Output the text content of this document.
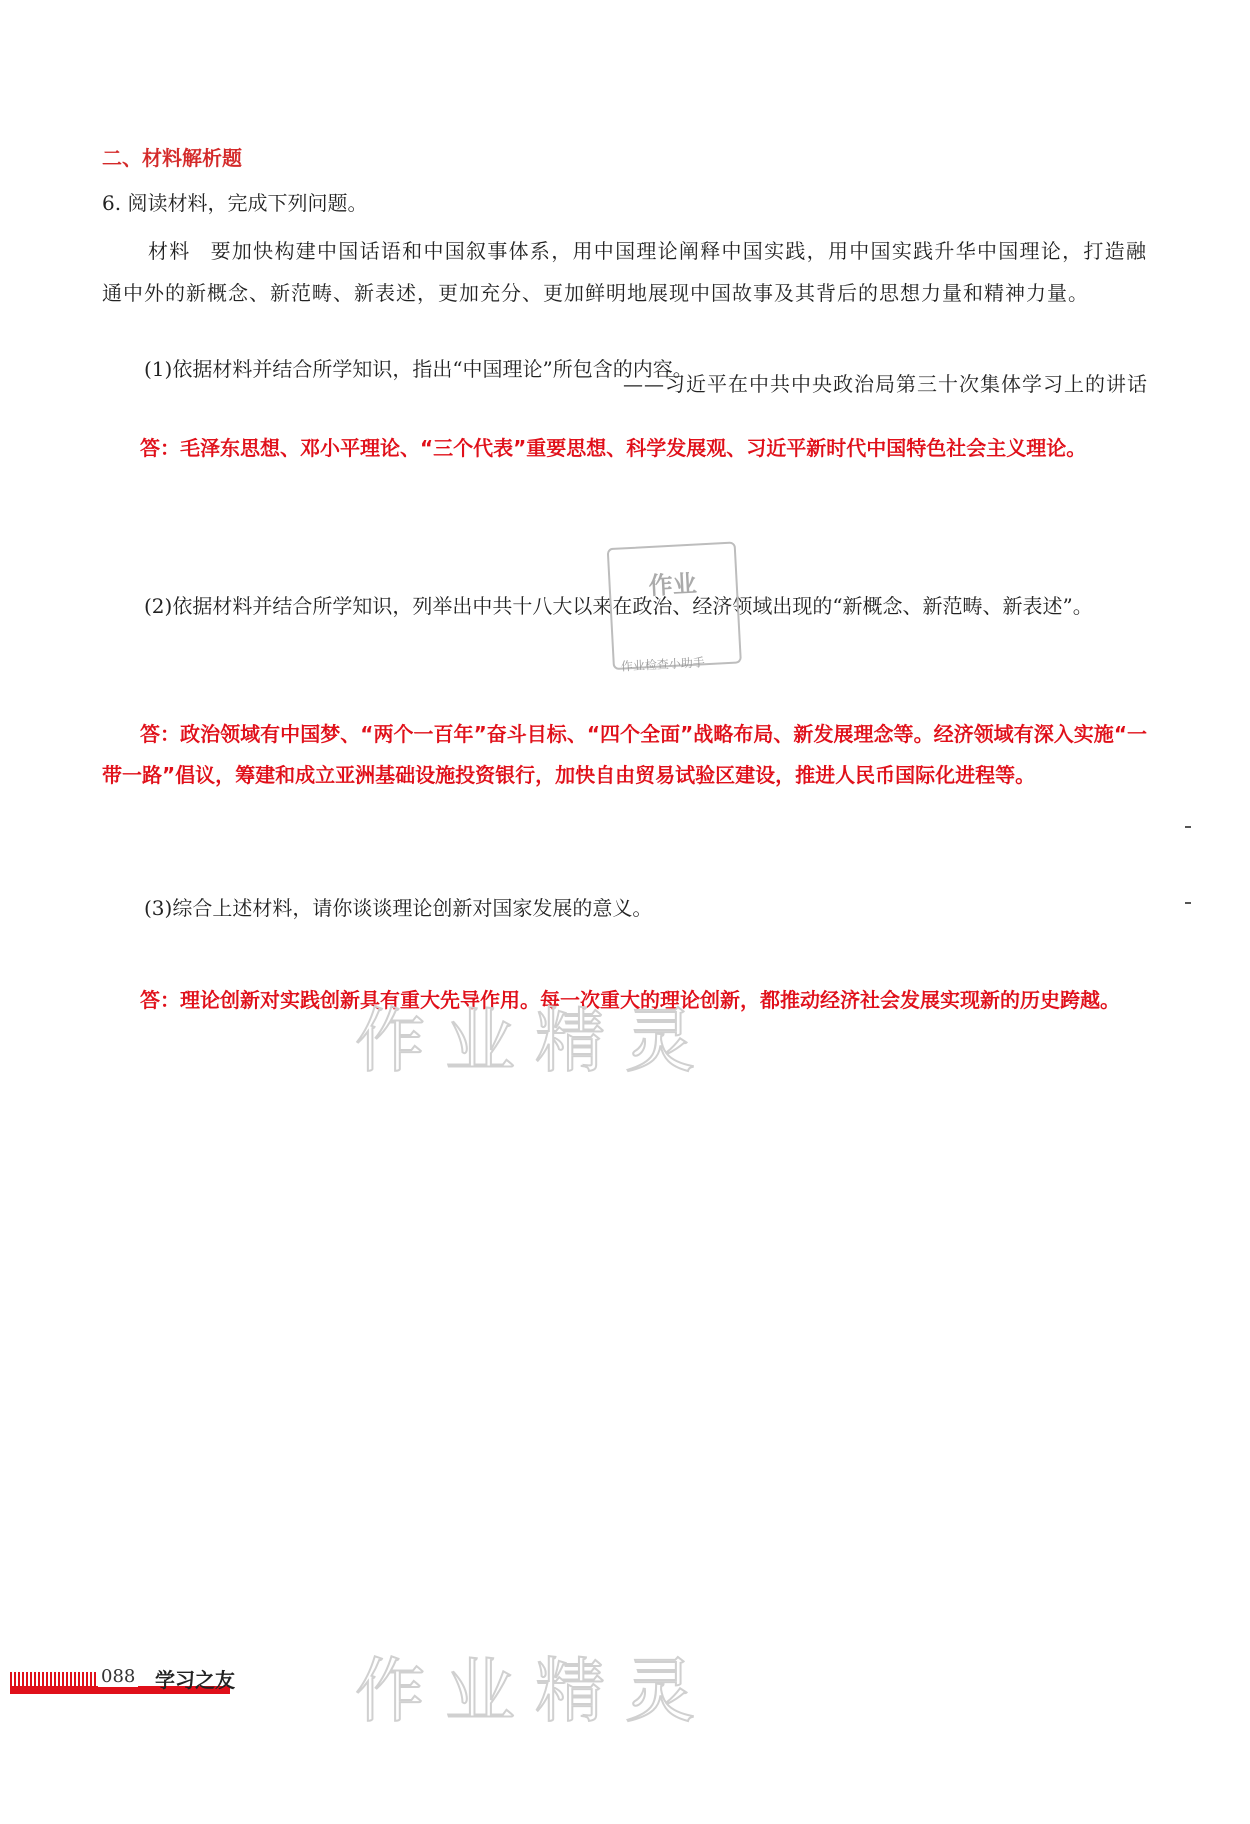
二、材料解析题
6. 阅读材料，完成下列问题。
材料 要加快构建中国话语和中国叙事体系，用中国理论阐释中国实践，用中国实践升华中国理论，打造融通中外的新概念、新范畴、新表述，更加充分、更加鲜明地展现中国故事及其背后的思想力量和精神力量。
——习近平在中共中央政治局第三十次集体学习上的讲话
(1)依据材料并结合所学知识，指出“中国理论”所包含的内容。
答：毛泽东思想、邓小平理论、“三个代表”重要思想、科学发展观、习近平新时代中国特色社会主义理论。
(2)依据材料并结合所学知识，列举出中共十八大以来在政治、经济领域出现的“新概念、新范畴、新表述”。
答：政治领域有中国梦、“两个一百年”奋斗目标、“四个全面”战略布局、新发展理念等。经济领域有深入实施“一带一路”倡议，筹建和成立亚洲基础设施投资银行，加快自由贸易试验区建设，推进人民币国际化进程等。
(3)综合上述材料，请你谈谈理论创新对国家发展的意义。
答：理论创新对实践创新具有重大先导作用。每一次重大的理论创新，都推动经济社会发展实现新的历史跨越。
作业
作业检查小助手
作业精灵
作业精灵
088 学习之友
